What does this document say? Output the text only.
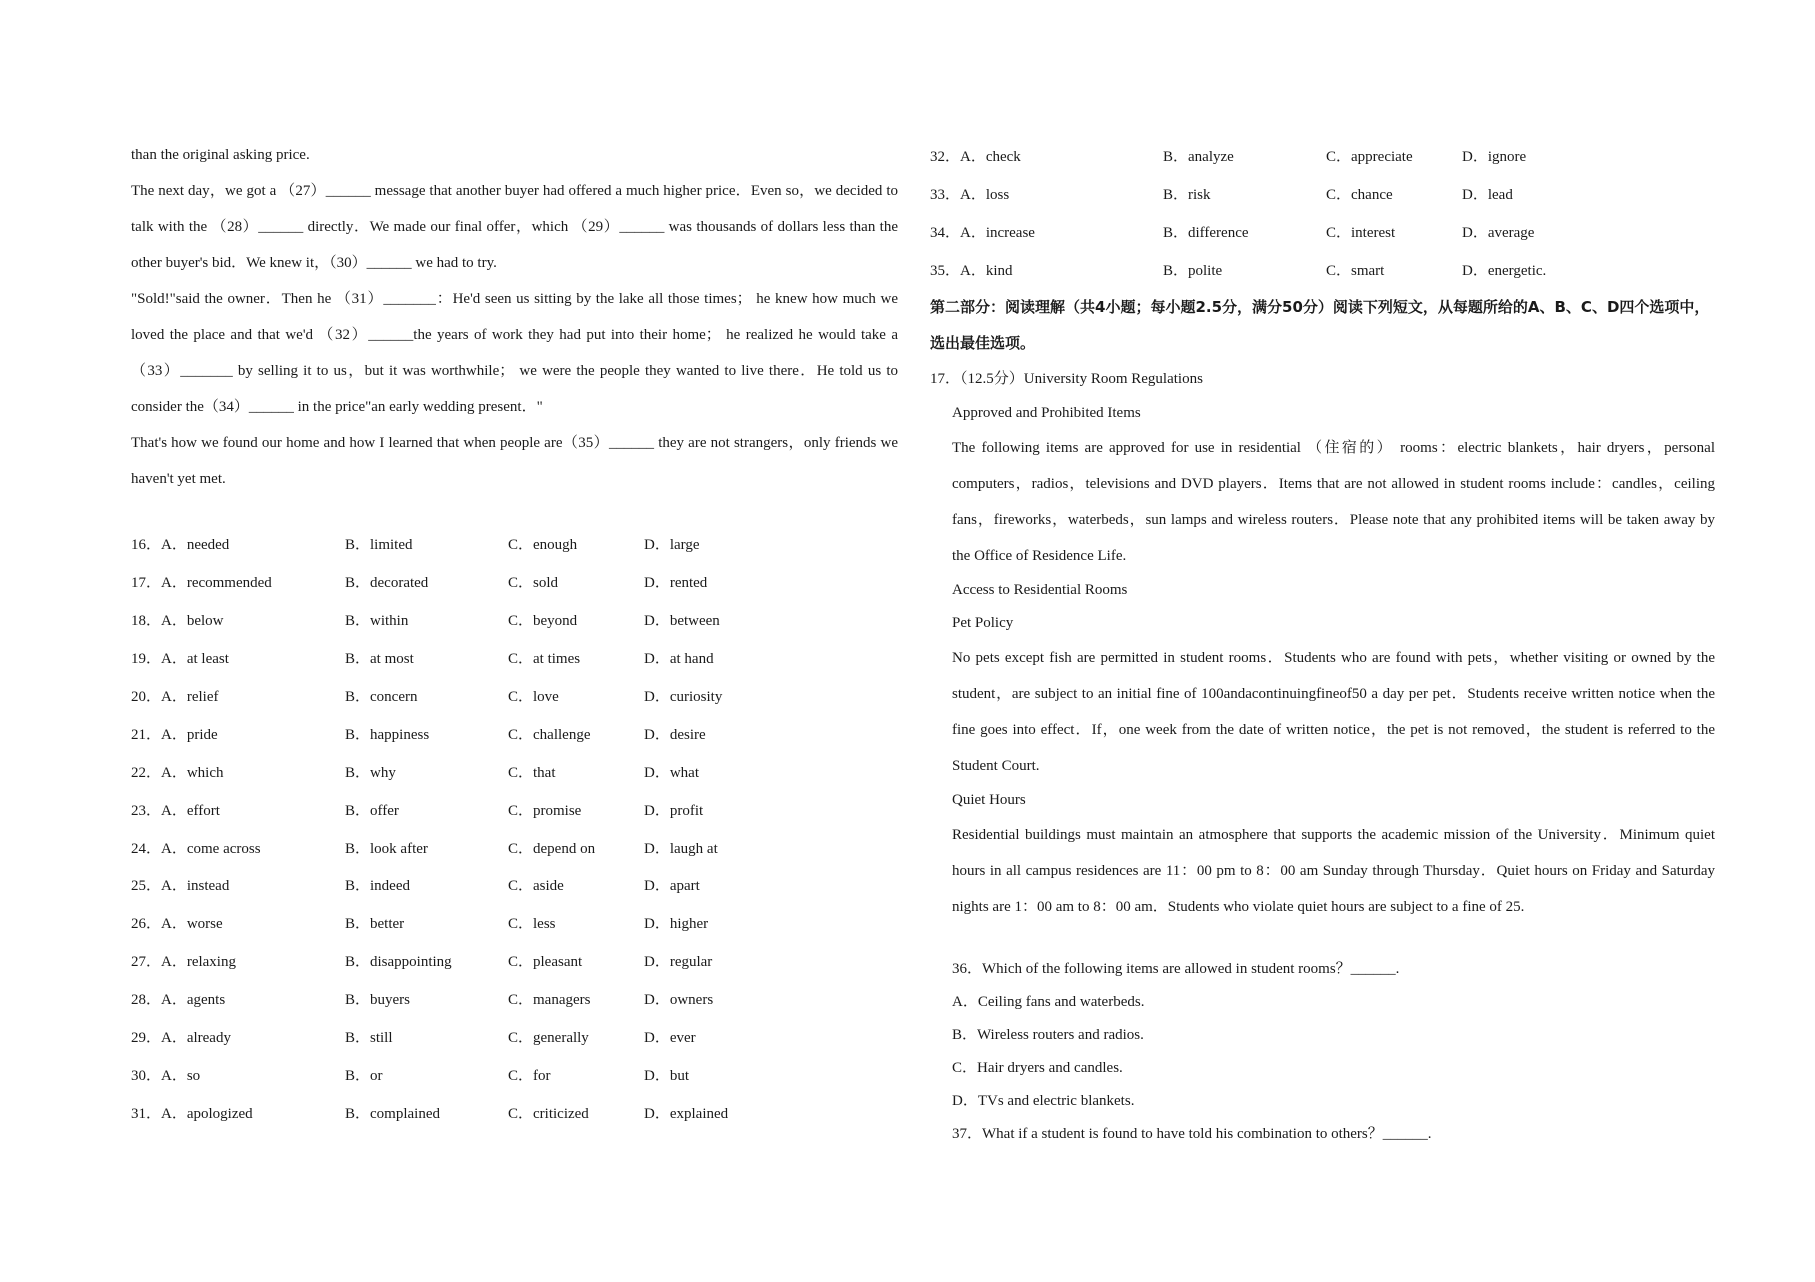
than the original asking price.

The next day，we got a （27）______ message that another buyer had offered a much higher price．Even so，we decided to talk with the （28）______ directly．We made our final offer，which （29）______ was thousands of dollars less than the other buyer's bid．We knew it，（30）______ we had to try.

"Sold!"said the owner．Then he （31）_______：He'd seen us sitting by the lake all those times； he knew how much we loved the place and that we'd （32）______the years of work they had put into their home； he realized he would take a （33）_______ by selling it to us，but it was worthwhile； we were the people they wanted to live there．He told us to consider the（34）______ in the price"an early wedding present．"

That's how we found our home and how I learned that when people are（35）______ they are not strangers，only friends we haven't yet met.

16．A．needed	B．limited	C．enough	D．large
17．A．recommended	B．decorated	C．sold	D．rented
18．A．below	B．within	C．beyond	D．between
19．A．at least	B．at most	C．at times	D．at hand
20．A．relief	B．concern	C．love	D．curiosity
21．A．pride	B．happiness	C．challenge	D．desire
22．A．which	B．why	C．that	D．what
23．A．effort	B．offer	C．promise	D．profit
24．A．come across	B．look after	C．depend on	D．laugh at
25．A．instead	B．indeed	C．aside	D．apart
26．A．worse	B．better	C．less	D．higher
27．A．relaxing	B．disappointing	C．pleasant	D．regular
28．A．agents	B．buyers	C．managers	D．owners
29．A．already	B．still	C．generally	D．ever
30．A．so	B．or	C．for	D．but
31．A．apologized	B．complained	C．criticized	D．explained
32．A．check	B．analyze	C．appreciate	D．ignore
33．A．loss	B．risk	C．chance	D．lead
34．A．increase	B．difference	C．interest	D．average
35．A．kind	B．polite	C．smart	D．energetic.

第二部分：阅读理解（共4小题；每小题2.5分，满分50分）阅读下列短文，从每题所给的A、B、C、D四个选项中，选出最佳选项。

17．（12.5分）University Room Regulations

Approved and Prohibited Items

The following items are approved for use in residential （住宿的） rooms：electric blankets，hair dryers，personal computers，radios，televisions and DVD players．Items that are not allowed in student rooms include：candles，ceiling fans，fireworks，waterbeds，sun lamps and wireless routers．Please note that any prohibited items will be taken away by the Office of Residence Life.

Access to Residential Rooms

Pet Policy

No pets except fish are permitted in student rooms．Students who are found with pets，whether visiting or owned by the student，are subject to an initial fine of 100andacontinuingfineof50 a day per pet．Students receive written notice when the fine goes into effect．If，one week from the date of written notice，the pet is not removed，the student is referred to the Student Court.

Quiet Hours

Residential buildings must maintain an atmosphere that supports the academic mission of the University．Minimum quiet hours in all campus residences are 11：00 pm to 8：00 am Sunday through Thursday．Quiet hours on Friday and Saturday nights are 1：00 am to 8：00 am．Students who violate quiet hours are subject to a fine of 25.

36．Which of the following items are allowed in student rooms？______.

A．Ceiling fans and waterbeds.

B．Wireless routers and radios.

C．Hair dryers and candles.

D．TVs and electric blankets.

37．What if a student is found to have told his combination to others？______.
